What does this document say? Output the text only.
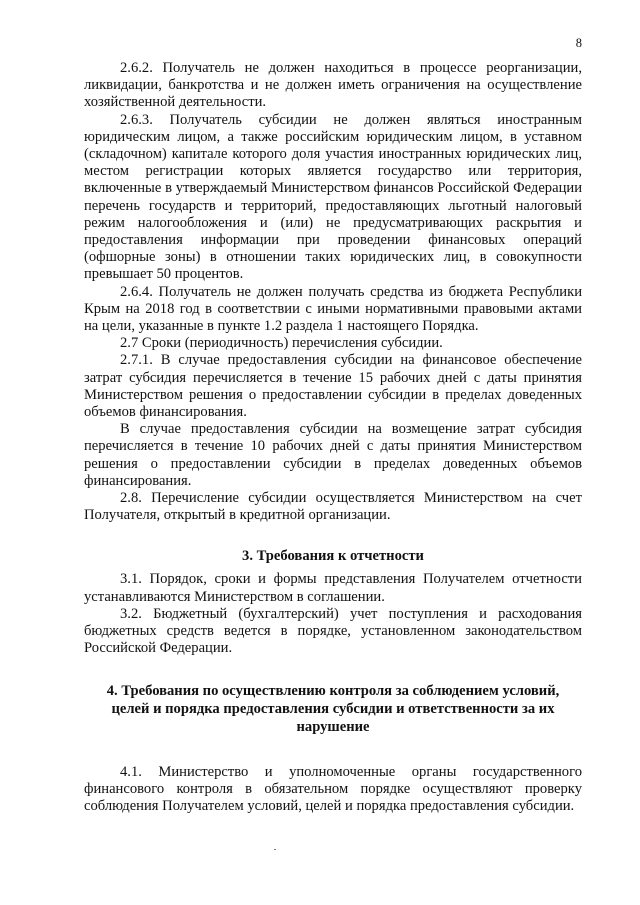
8

2.6.2. Получатель не должен находиться в процессе реорганизации, ликвидации, банкротства и не должен иметь ограничения на осуществление хозяйственной деятельности.

2.6.3. Получатель субсидии не должен являться иностранным юридическим лицом, а также российским юридическим лицом, в уставном (складочном) капитале которого доля участия иностранных юридических лиц, местом регистрации которых является государство или территория, включенные в утверждаемый Министерством финансов Российской Федерации перечень государств и территорий, предоставляющих льготный налоговый режим налогообложения и (или) не предусматривающих раскрытия и предоставления информации при проведении финансовых операций (офшорные зоны) в отношении таких юридических лиц, в совокупности превышает 50 процентов.

2.6.4. Получатель не должен получать средства из бюджета Республики Крым на 2018 год в соответствии с иными нормативными правовыми актами на цели, указанные в пункте 1.2 раздела 1 настоящего Порядка.

2.7 Сроки (периодичность) перечисления субсидии.

2.7.1. В случае предоставления субсидии на финансовое обеспечение затрат субсидия перечисляется в течение 15 рабочих дней с даты принятия Министерством решения о предоставлении субсидии в пределах доведенных объемов финансирования.

В случае предоставления субсидии на возмещение затрат субсидия перечисляется в течение 10 рабочих дней с даты принятия Министерством решения о предоставлении субсидии в пределах доведенных объемов финансирования.

2.8. Перечисление субсидии осуществляется Министерством на счет Получателя, открытый в кредитной организации.

3. Требования к отчетности

3.1. Порядок, сроки и формы представления Получателем отчетности устанавливаются Министерством в соглашении.

3.2. Бюджетный (бухгалтерский) учет поступления и расходования бюджетных средств ведется в порядке, установленном законодательством Российской Федерации.

4. Требования по осуществлению контроля за соблюдением условий, целей и порядка предоставления субсидии и ответственности за их нарушение

4.1. Министерство и уполномоченные органы государственного финансового контроля в обязательном порядке осуществляют проверку соблюдения Получателем условий, целей и порядка предоставления субсидии.
